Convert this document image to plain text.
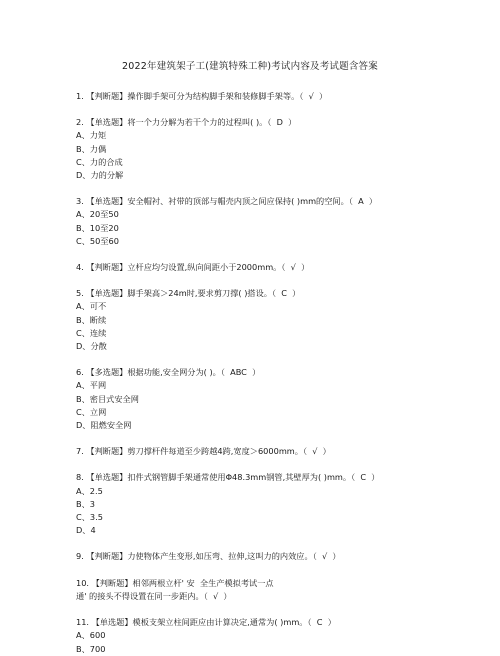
2022年建筑架子工(建筑特殊工种)考试内容及考试题含答案
1. 【判断题】操作脚手架可分为结构脚手架和装修脚手架等。（  √  ）
2. 【单选题】将一个力分解为若干个力的过程叫( )。（  D  ）
A、力矩
B、力偶
C、力的合成
D、力的分解
3. 【单选题】安全帽衬、衬带的顶部与帽壳内顶之间应保持( )mm的空间。（  A  ）
A、20至50
B、10至20
C、50至60
4. 【判断题】立杆应均匀设置,纵向间距小于2000mm。（  √  ）
5. 【单选题】脚手架高＞24m时,要求剪刀撑( )搭设。（  C  ）
A、可不
B、断续
C、连续
D、分散
6. 【多选题】根据功能,安全网分为( )。（  ABC  ）
A、平网
B、密目式安全网
C、立网
D、阻燃安全网
7. 【判断题】剪刀撑杆件每道至少跨越4跨,宽度＞6000mm。（  √  ）
8. 【单选题】扣件式钢管脚手架通常使用Φ48.3mm钢管,其壁厚为( )mm。（  C  ）
A、2.5
B、3
C、3.5
D、4
9. 【判断题】力使物体产生变形,如压弯、拉伸,这叫力的内效应。（  √  ）
10. 【判断题】相邻两根立杆' 安  全生产模拟考试一点
通' 的接头不得设置在同一步距内。（  √  ）
11. 【单选题】模板支架立柱间距应由计算决定,通常为( )mm。（  C  ）
A、600
B、700
